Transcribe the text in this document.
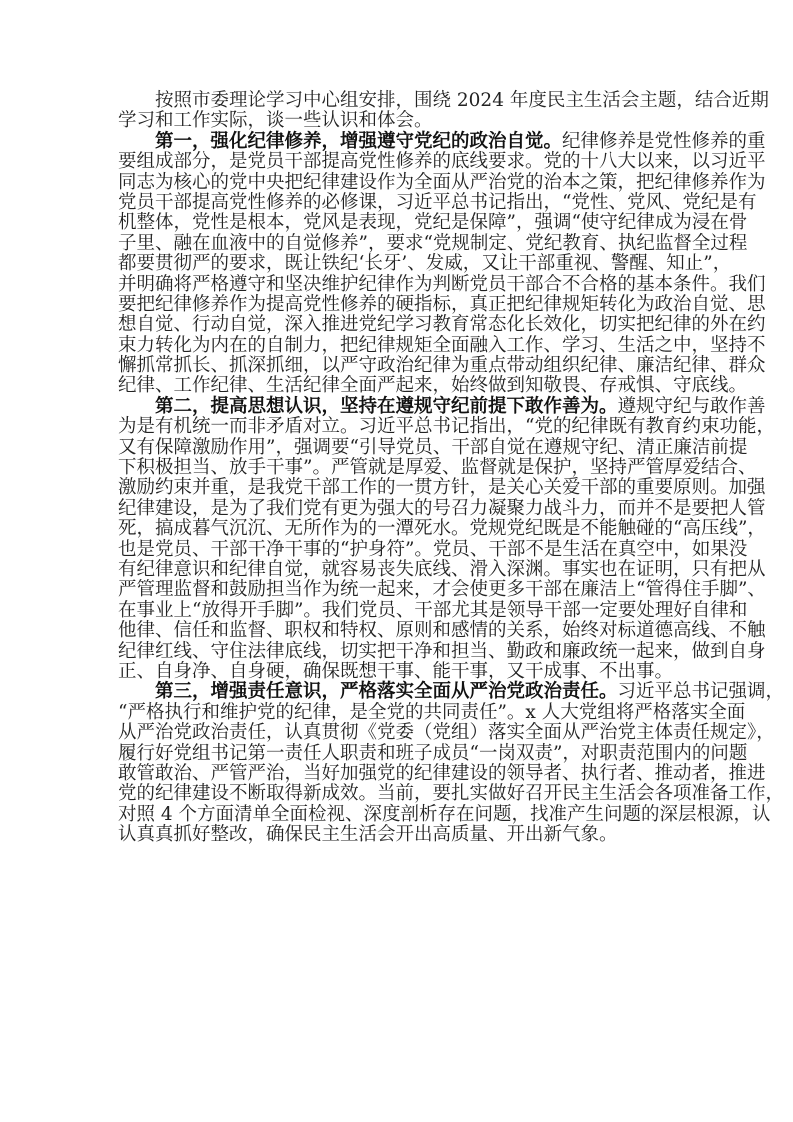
按照市委理论学习中心组安排，围绕 2024 年度民主生活会主题，结合近期
学习和工作实际，谈一些认识和体会。
第一，强化纪律修养，增强遵守党纪的政治自觉。纪律修养是党性修养的重
要组成部分，是党员干部提高党性修养的底线要求。党的十八大以来，以习近平
同志为核心的党中央把纪律建设作为全面从严治党的治本之策，把纪律修养作为
党员干部提高党性修养的必修课，习近平总书记指出，“党性、党风、党纪是有
机整体，党性是根本，党风是表现，党纪是保障”，强调“使守纪律成为浸在骨
子里、融在血液中的自觉修养”，要求“党规制定、党纪教育、执纪监督全过程
都要贯彻严的要求，既让铁纪‘长牙’、发威，又让干部重视、警醒、知止”，
并明确将严格遵守和坚决维护纪律作为判断党员干部合不合格的基本条件。我们
要把纪律修养作为提高党性修养的硬指标，真正把纪律规矩转化为政治自觉、思
想自觉、行动自觉，深入推进党纪学习教育常态化长效化，切实把纪律的外在约
束力转化为内在的自制力，把纪律规矩全面融入工作、学习、生活之中，坚持不
懈抓常抓长、抓深抓细，以严守政治纪律为重点带动组织纪律、廉洁纪律、群众
纪律、工作纪律、生活纪律全面严起来，始终做到知敬畏、存戒惧、守底线。
第二，提高思想认识，坚持在遵规守纪前提下敢作善为。遵规守纪与敢作善
为是有机统一而非矛盾对立。习近平总书记指出，“党的纪律既有教育约束功能，
又有保障激励作用”，强调要“引导党员、干部自觉在遵规守纪、清正廉洁前提
下积极担当、放手干事”。严管就是厚爱、监督就是保护，坚持严管厚爱结合、
激励约束并重，是我党干部工作的一贯方针，是关心关爱干部的重要原则。加强
纪律建设，是为了我们党有更为强大的号召力凝聚力战斗力，而并不是要把人管
死，搞成暮气沉沉、无所作为的一潭死水。党规党纪既是不能触碰的“高压线”，
也是党员、干部干净干事的“护身符”。党员、干部不是生活在真空中，如果没
有纪律意识和纪律自觉，就容易丧失底线、滑入深渊。事实也在证明，只有把从
严管理监督和鼓励担当作为统一起来，才会使更多干部在廉洁上“管得住手脚”、
在事业上“放得开手脚”。我们党员、干部尤其是领导干部一定要处理好自律和
他律、信任和监督、职权和特权、原则和感情的关系，始终对标道德高线、不触
纪律红线、守住法律底线，切实把干净和担当、勤政和廉政统一起来，做到自身
正、自身净、自身硬，确保既想干事、能干事，又干成事、不出事。
第三，增强责任意识，严格落实全面从严治党政治责任。习近平总书记强调，
“严格执行和维护党的纪律，是全党的共同责任”。x 人大党组将严格落实全面
从严治党政治责任，认真贯彻《党委（党组）落实全面从严治党主体责任规定》，
履行好党组书记第一责任人职责和班子成员“一岗双责”，对职责范围内的问题
敢管敢治、严管严治，当好加强党的纪律建设的领导者、执行者、推动者，推进
党的纪律建设不断取得新成效。当前，要扎实做好召开民主生活会各项准备工作，
对照 4 个方面清单全面检视、深度剖析存在问题，找准产生问题的深层根源，认
认真真抓好整改，确保民主生活会开出高质量、开出新气象。
